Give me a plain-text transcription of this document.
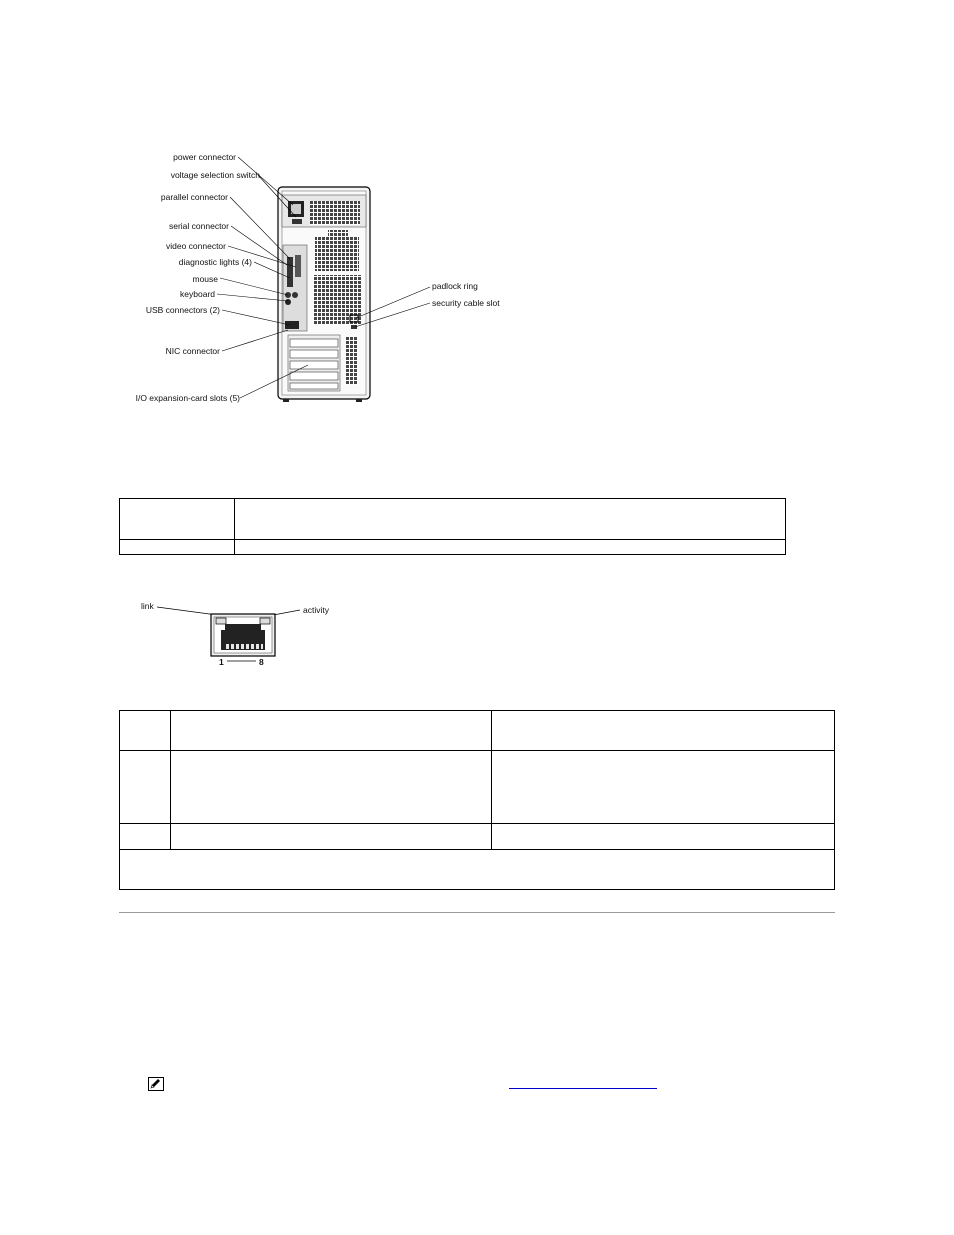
power connector
voltage selection switch
parallel connector
serial connector
video connector
diagnostic lights (4)
mouse
keyboard
USB connectors (2)
NIC connector
I/O expansion-card slots (5)
padlock ring
security cable slot

link	activity
1	8
